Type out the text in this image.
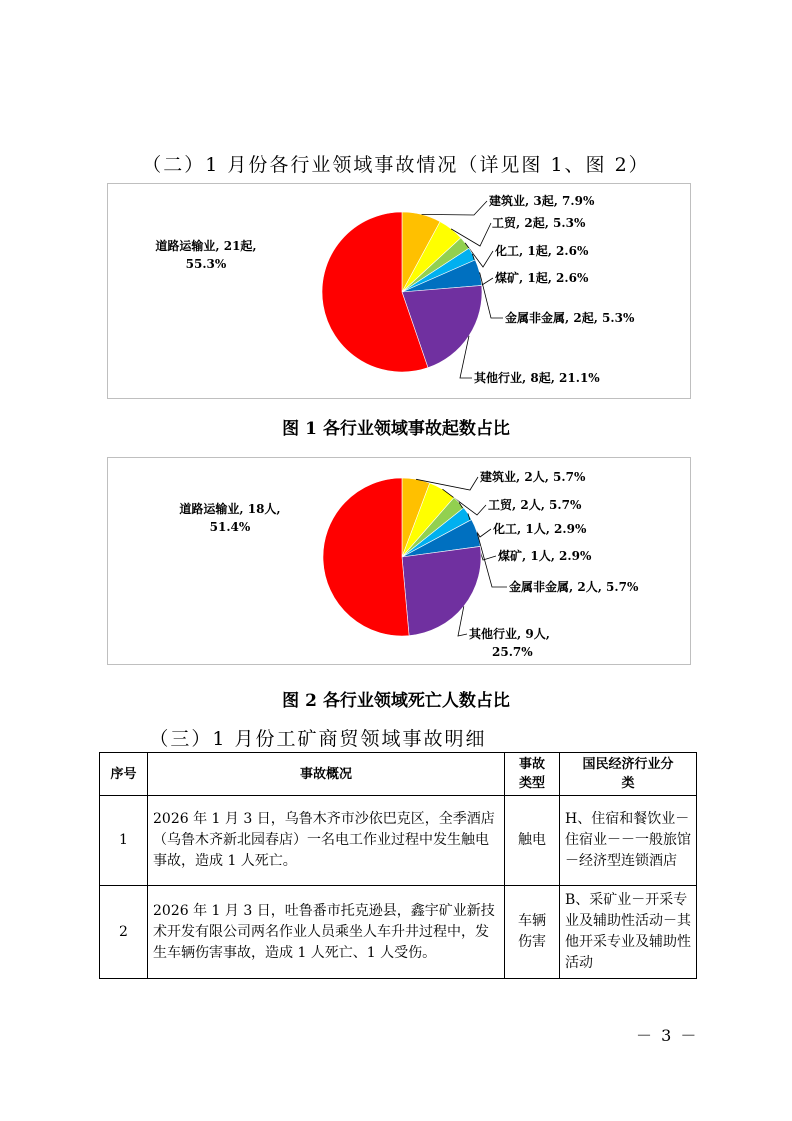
（二）1 月份各行业领域事故情况（详见图 1、图 2）
道路运输业, 21起, 55.3%
建筑业, 3起, 7.9%
工贸, 2起, 5.3%
化工, 1起, 2.6%
煤矿, 1起, 2.6%
金属非金属, 2起, 5.3%
其他行业, 8起, 21.1%
图 1 各行业领域事故起数占比
道路运输业, 18人, 51.4%
建筑业, 2人, 5.7%
工贸, 2人, 5.7%
化工, 1人, 2.9%
煤矿, 1人, 2.9%
金属非金属, 2人, 5.7%
其他行业, 9人, 25.7%
图 2 各行业领域死亡人数占比
（三）1 月份工矿商贸领域事故明细
序号	事故概况	事故类型	国民经济行业分类
1	2026 年 1 月 3 日，乌鲁木齐市沙依巴克区，全季酒店（乌鲁木齐新北园春店）一名电工作业过程中发生触电事故，造成 1 人死亡。	触电	H、住宿和餐饮业－住宿业－－一般旅馆－经济型连锁酒店
2	2026 年 1 月 3 日，吐鲁番市托克逊县，鑫宇矿业新技术开发有限公司两名作业人员乘坐人车升井过程中，发生车辆伤害事故，造成 1 人死亡、1 人受伤。	车辆伤害	B、采矿业－开采专业及辅助性活动－其他开采专业及辅助性活动
－ 3 －
